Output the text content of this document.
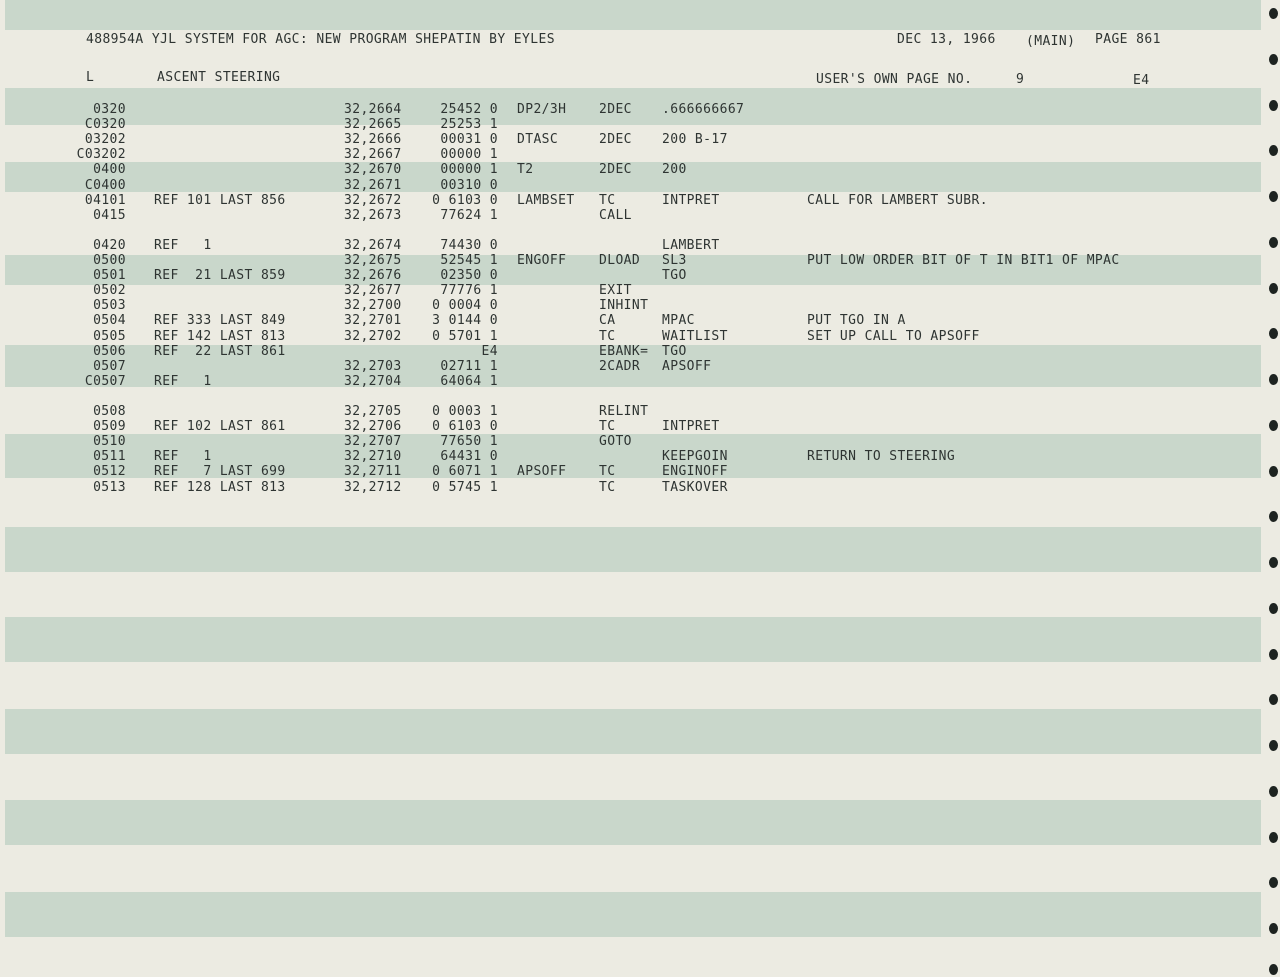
488954A YJL SYSTEM FOR AGC: NEW PROGRAM SHEPATIN BY EYLES	DEC 13, 1966 (MAIN) PAGE 861
L	ASCENT STEERING	USER'S OWN PAGE NO.	9	E4
0320	32,2664	25452 0 DP2/3H	2DEC .666666667
C0320	32,2665	25253 1
03202	32,2666	00031 0 DTASC	2DEC 200 B-17
C03202	32,2667	00000 1
0400	32,2670	00000 1 T2	2DEC 200
C0400	32,2671	00310 0
04101 REF 101 LAST 856	32,2672	0 6103 0 LAMBSET TC	INTPRET	CALL FOR LAMBERT SUBR.
0415	32,2673	77624 1	CALL
0420 REF   1	32,2674	74430 0	LAMBERT
0500	32,2675	52545 1 ENGOFF	DLOAD SL3	PUT LOW ORDER BIT OF T IN BIT1 OF MPAC
0501 REF  21 LAST 859	32,2676	02350 0	TGO
0502	32,2677	77776 1	EXIT
0503	32,2700	0 0004 0	INHINT
0504 REF 333 LAST 849	32,2701	3 0144 0	CA	MPAC	PUT TGO IN A
0505 REF 142 LAST 813	32,2702	0 5701 1	TC	WAITLIST	SET UP CALL TO APSOFF
0506 REF  22 LAST 861	E4	EBANK= TGO
0507	32,2703	02711 1	2CADR APSOFF
C0507 REF   1	32,2704	64064 1
0508	32,2705	0 0003 1	RELINT
0509 REF 102 LAST 861	32,2706	0 6103 0	TC	INTPRET
0510	32,2707	77650 1	GOTO
0511 REF   1	32,2710	64431 0	KEEPGOIN	RETURN TO STEERING
0512 REF   7 LAST 699	32,2711	0 6071 1 APSOFF	TC	ENGINOFF
0513 REF 128 LAST 813	32,2712	0 5745 1	TC	TASKOVER
